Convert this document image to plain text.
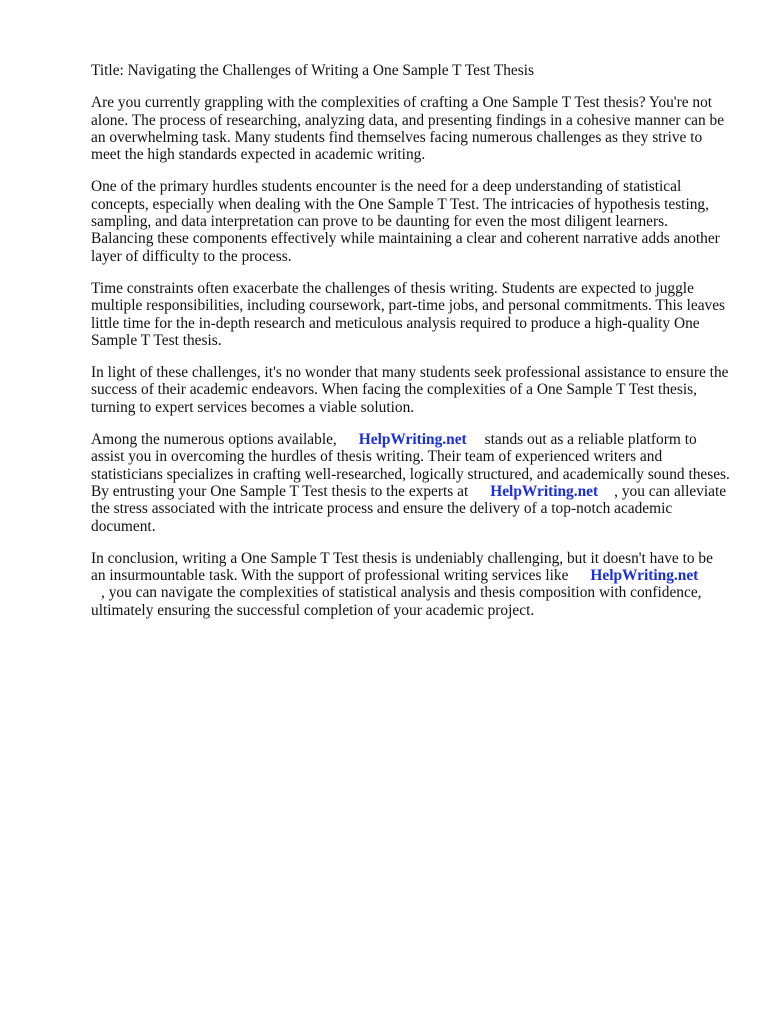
Title: Navigating the Challenges of Writing a One Sample T Test Thesis

Are you currently grappling with the complexities of crafting a One Sample T Test thesis? You're not alone. The process of researching, analyzing data, and presenting findings in a cohesive manner can be an overwhelming task. Many students find themselves facing numerous challenges as they strive to meet the high standards expected in academic writing.

One of the primary hurdles students encounter is the need for a deep understanding of statistical concepts, especially when dealing with the One Sample T Test. The intricacies of hypothesis testing, sampling, and data interpretation can prove to be daunting for even the most diligent learners. Balancing these components effectively while maintaining a clear and coherent narrative adds another layer of difficulty to the process.

Time constraints often exacerbate the challenges of thesis writing. Students are expected to juggle multiple responsibilities, including coursework, part-time jobs, and personal commitments. This leaves little time for the in-depth research and meticulous analysis required to produce a high-quality One Sample T Test thesis.

In light of these challenges, it's no wonder that many students seek professional assistance to ensure the success of their academic endeavors. When facing the complexities of a One Sample T Test thesis, turning to expert services becomes a viable solution.

Among the numerous options available, HelpWriting.net stands out as a reliable platform to assist you in overcoming the hurdles of thesis writing. Their team of experienced writers and statisticians specializes in crafting well-researched, logically structured, and academically sound theses. By entrusting your One Sample T Test thesis to the experts at HelpWriting.net , you can alleviate the stress associated with the intricate process and ensure the delivery of a top-notch academic document.

In conclusion, writing a One Sample T Test thesis is undeniably challenging, but it doesn't have to be an insurmountable task. With the support of professional writing services like HelpWriting.net
, you can navigate the complexities of statistical analysis and thesis composition with confidence, ultimately ensuring the successful completion of your academic project.
